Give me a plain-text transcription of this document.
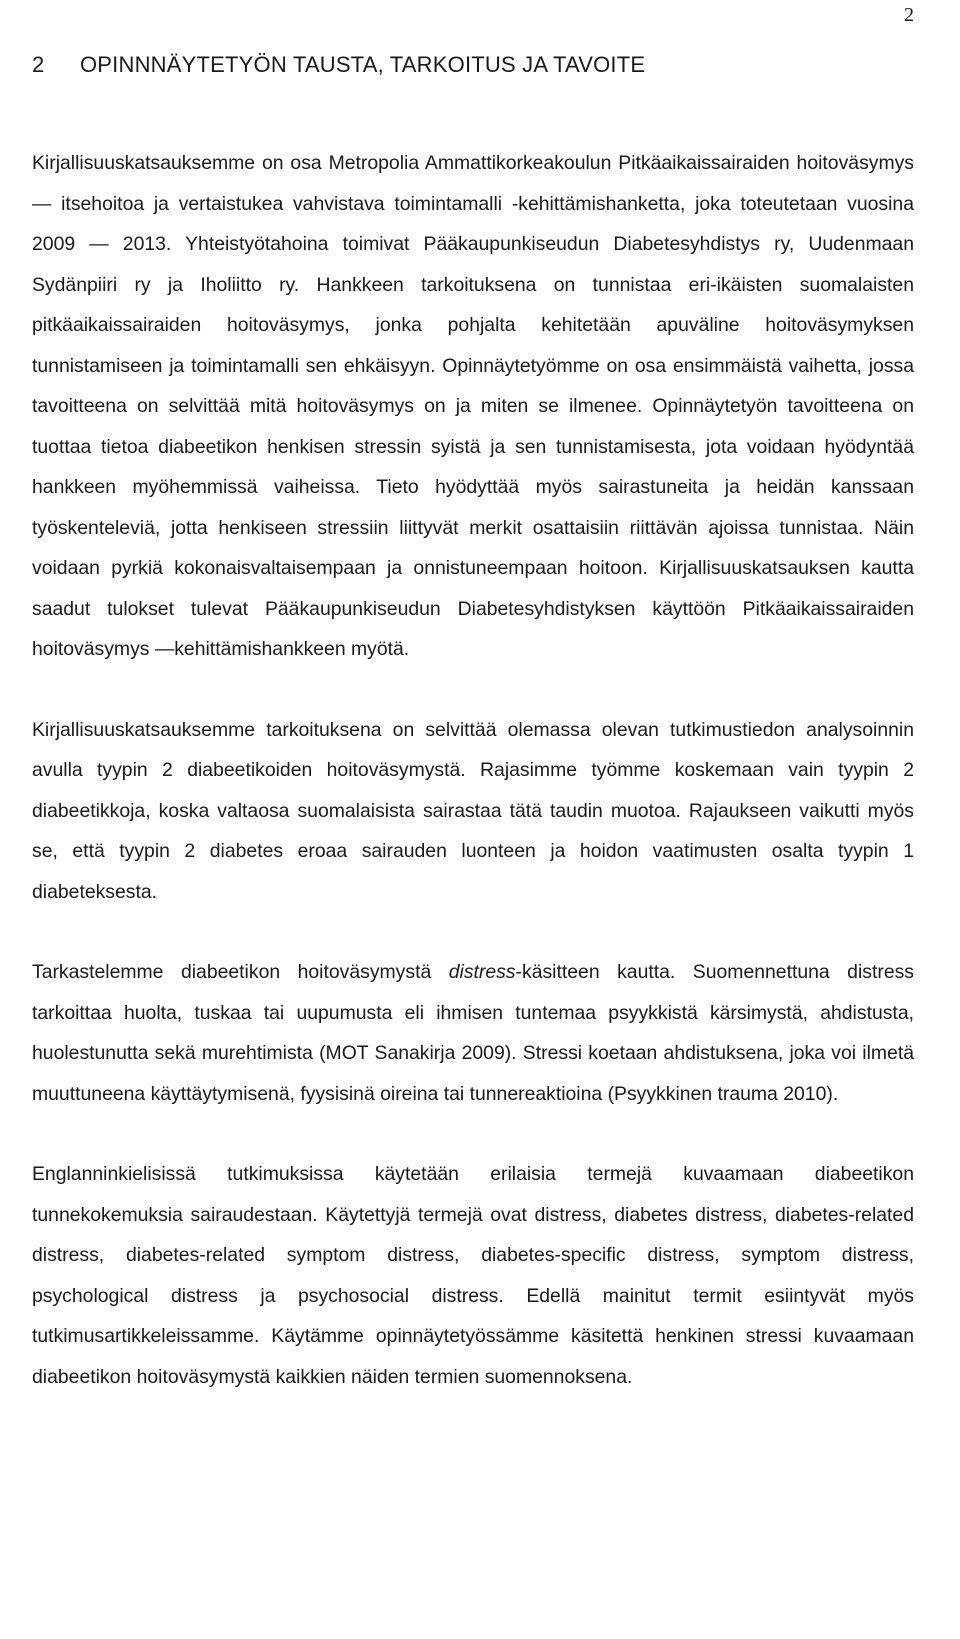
2
2	OPINNNÄYTETYÖN TAUSTA, TARKOITUS JA TAVOITE

Kirjallisuuskatsauksemme on osa Metropolia Ammattikorkeakoulun Pitkäaikaissairaiden hoitoväsymys — itsehoitoa ja vertaistukea vahvistava toimintamalli -kehittämishanketta, joka toteutetaan vuosina 2009 — 2013. Yhteistyötahoina toimivat Pääkaupunkiseudun Diabetesyhdistys ry, Uudenmaan Sydänpiiri ry ja Iholiitto ry. Hankkeen tarkoituksena on tunnistaa eri-ikäisten suomalaisten pitkäaikaissairaiden hoitoväsymys, jonka pohjalta kehitetään apuväline hoitoväsymyksen tunnistamiseen ja toimintamalli sen ehkäisyyn. Opinnäytetyömme on osa ensimmäistä vaihetta, jossa tavoitteena on selvittää mitä hoitoväsymys on ja miten se ilmenee. Opinnäytetyön tavoitteena on tuottaa tietoa diabeetikon henkisen stressin syistä ja sen tunnistamisesta, jota voidaan hyödyntää hankkeen myöhemmissä vaiheissa. Tieto hyödyttää myös sairastuneita ja heidän kanssaan työskenteleviä, jotta henkiseen stressiin liittyvät merkit osattaisiin riittävän ajoissa tunnistaa. Näin voidaan pyrkiä kokonaisvaltaisempaan ja onnistuneempaan hoitoon. Kirjallisuuskatsauksen kautta saadut tulokset tulevat Pääkaupunkiseudun Diabetesyhdistyksen käyttöön Pitkäaikaissairaiden hoitoväsymys —kehittämishankkeen myötä.

Kirjallisuuskatsauksemme tarkoituksena on selvittää olemassa olevan tutkimustiedon analysoinnin avulla tyypin 2 diabeetikoiden hoitoväsymystä. Rajasimme työmme koskemaan vain tyypin 2 diabeetikkoja, koska valtaosa suomalaisista sairastaa tätä taudin muotoa. Rajaukseen vaikutti myös se, että tyypin 2 diabetes eroaa sairauden luonteen ja hoidon vaatimusten osalta tyypin 1 diabeteksesta.

Tarkastelemme diabeetikon hoitoväsymystä distress-käsitteen kautta. Suomennettuna distress tarkoittaa huolta, tuskaa tai uupumusta eli ihmisen tuntemaa psyykkistä kärsimystä, ahdistusta, huolestunutta sekä murehtimista (MOT Sanakirja 2009). Stressi koetaan ahdistuksena, joka voi ilmetä muuttuneena käyttäytymisenä, fyysisinä oireina tai tunnereaktioina (Psyykkinen trauma 2010).

Englanninkielisissä tutkimuksissa käytetään erilaisia termejä kuvaamaan diabeetikon tunnekokemuksia sairaudestaan. Käytettyjä termejä ovat distress, diabetes distress, diabetes-related distress, diabetes-related symptom distress, diabetes-specific distress, symptom distress, psychological distress ja psychosocial distress. Edellä mainitut termit esiintyvät myös tutkimusartikkeleissamme. Käytämme opinnäytetyössämme käsitettä henkinen stressi kuvaamaan diabeetikon hoitoväsymystä kaikkien näiden termien suomennoksena.
